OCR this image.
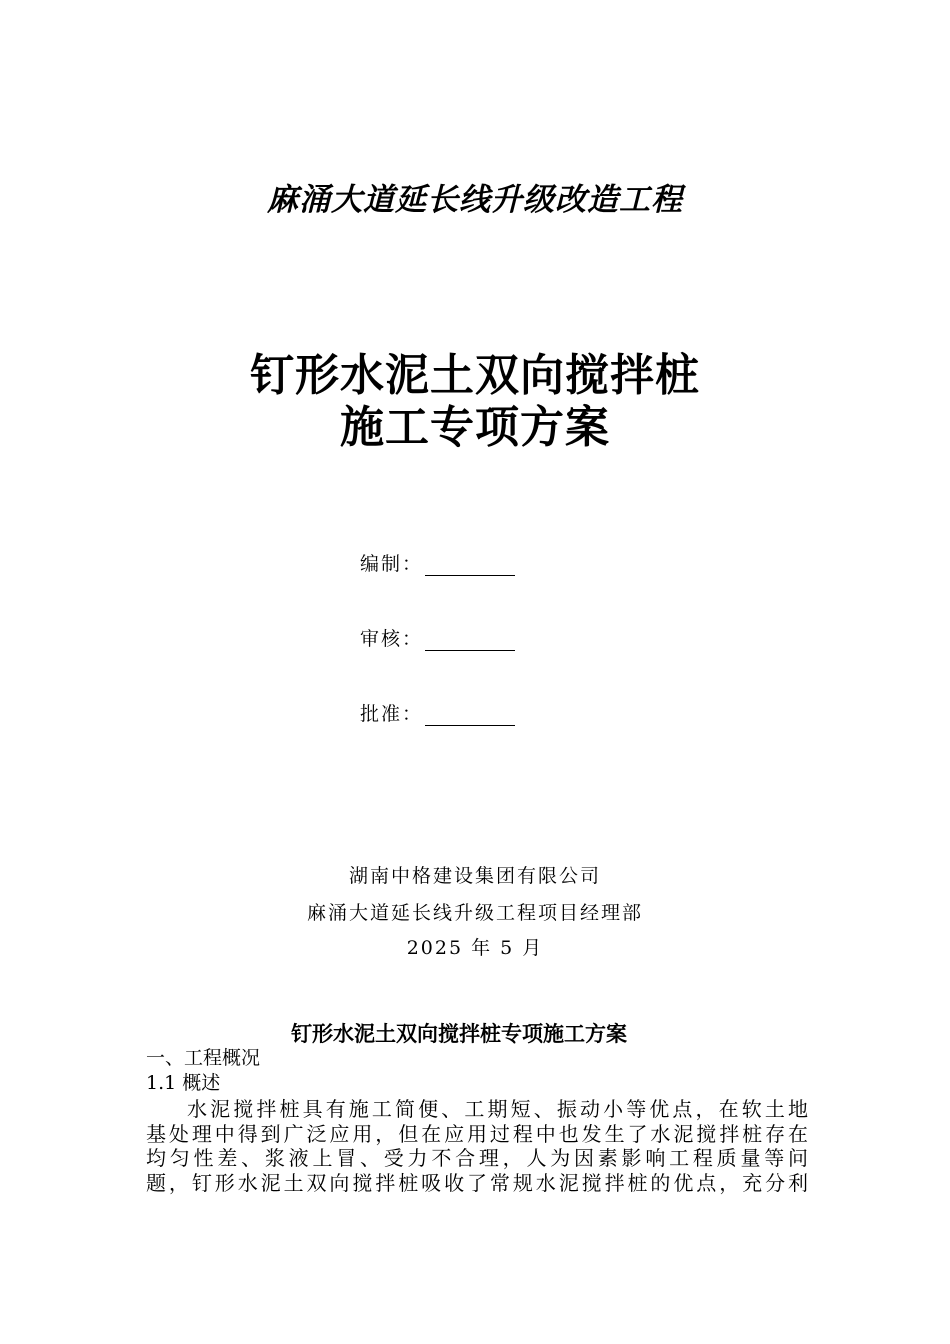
麻涌大道延长线升级改造工程
钉形水泥土双向搅拌桩
施工专项方案
编制：
审核：
批准：
湖南中格建设集团有限公司
麻涌大道延长线升级工程项目经理部
2025 年 5 月
钉形水泥土双向搅拌桩专项施工方案
一、工程概况
1.1 概述
水泥搅拌桩具有施工简便、工期短、振动小等优点，在软土地
基处理中得到广泛应用，但在应用过程中也发生了水泥搅拌桩存在
均匀性差、浆液上冒、受力不合理，人为因素影响工程质量等问
题，钉形水泥土双向搅拌桩吸收了常规水泥搅拌桩的优点，充分利
